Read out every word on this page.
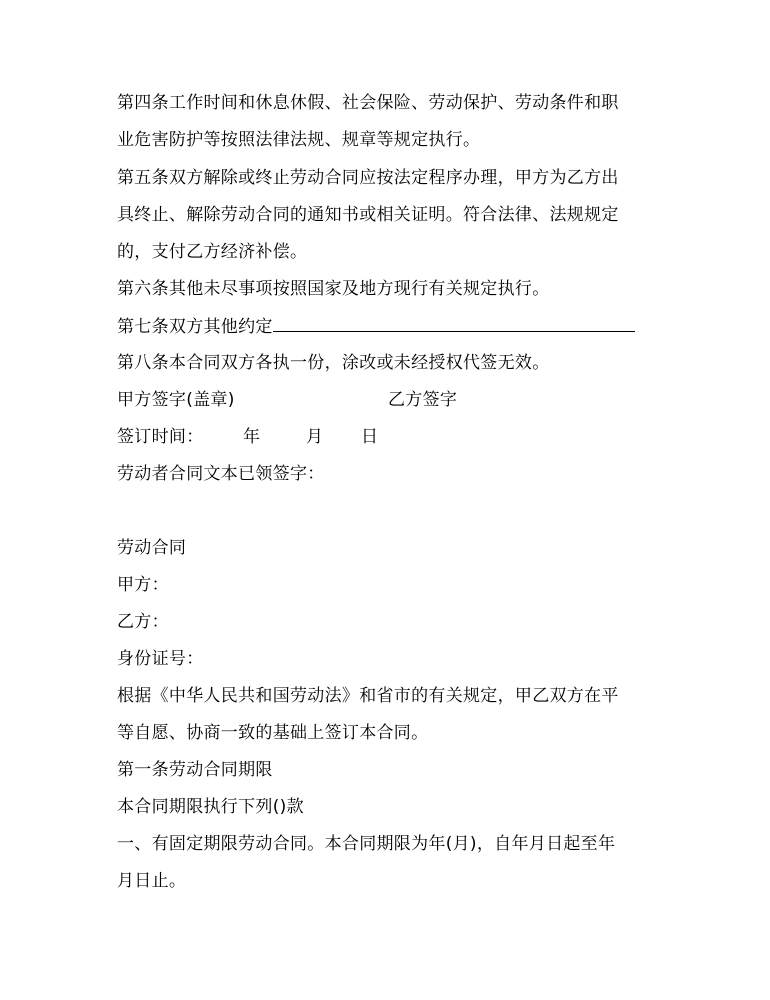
第四条工作时间和休息休假、社会保险、劳动保护、劳动条件和职
业危害防护等按照法律法规、规章等规定执行。
第五条双方解除或终止劳动合同应按法定程序办理，甲方为乙方出
具终止、解除劳动合同的通知书或相关证明。符合法律、法规规定
的，支付乙方经济补偿。
第六条其他未尽事项按照国家及地方现行有关规定执行。
第七条双方其他约定
第八条本合同双方各执一份，涂改或未经授权代签无效。
甲方签字(盖章)	乙方签字
签订时间： 年	月 日
劳动者合同文本已领签字：
劳动合同
甲方：
乙方：
身份证号：
根据《中华人民共和国劳动法》和省市的有关规定，甲乙双方在平
等自愿、协商一致的基础上签订本合同。
第一条劳动合同期限
本合同期限执行下列()款
一、有固定期限劳动合同。本合同期限为年(月)，自年月日起至年
月日止。
